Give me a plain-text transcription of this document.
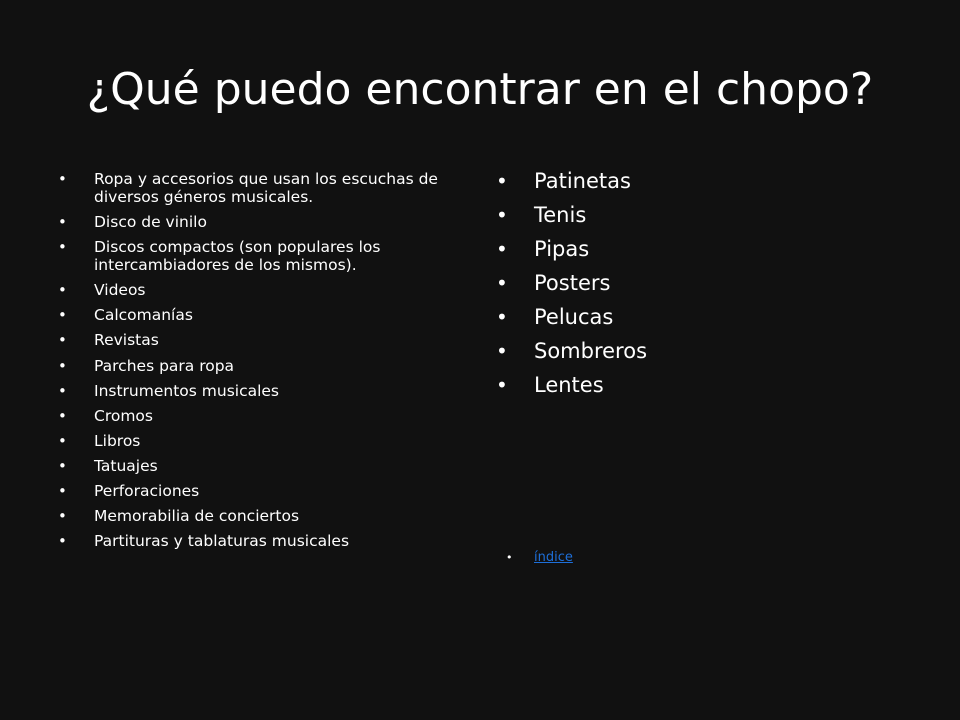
¿Qué puedo encontrar en el chopo?
• Ropa y accesorios que usan los escuchas de diversos géneros musicales.
• Disco de vinilo
• Discos compactos (son populares los intercambiadores de los mismos).
• Videos
• Calcomanías
• Revistas
• Parches para ropa
• Instrumentos musicales
• Cromos
• Libros
• Tatuajes
• Perforaciones
• Memorabilia de conciertos
• Partituras y tablaturas musicales
• Patinetas
• Tenis
• Pipas
• Posters
• Pelucas
• Sombreros
• Lentes
• índice
